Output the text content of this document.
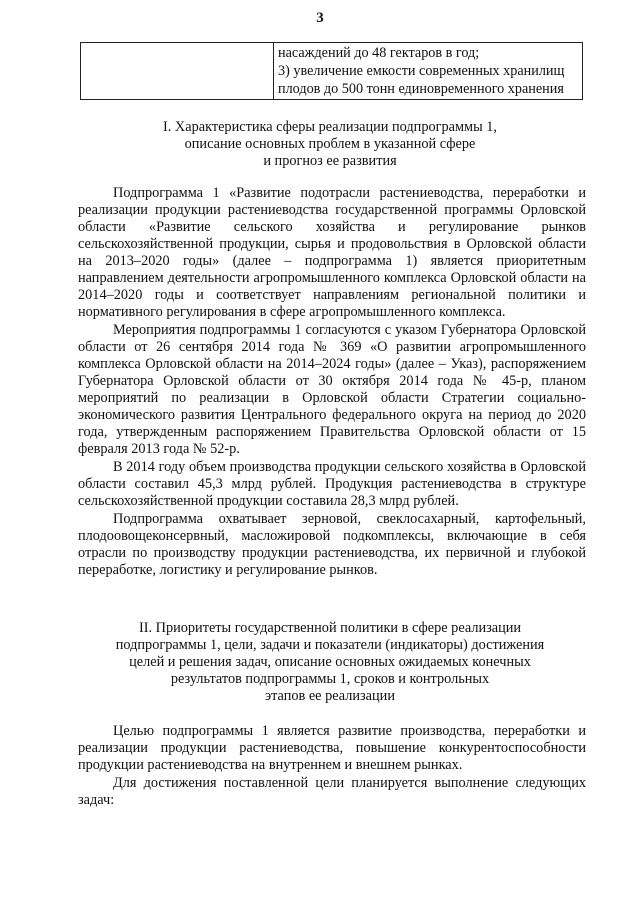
3

насаждений до 48 гектаров в год;
3) увеличение емкости современных хранилищ
плодов до 500 тонн единовременного хранения
I. Характеристика сферы реализации подпрограммы 1,
описание основных проблем в указанной сфере
и прогноз ее развития

Подпрограмма 1 «Развитие подотрасли растениеводства, переработки и реализации продукции растениеводства государственной программы Орловской области «Развитие сельского хозяйства и регулирование рынков сельскохозяйственной продукции, сырья и продовольствия в Орловской области на 2013–2020 годы» (далее – подпрограмма 1) является приоритетным направлением деятельности агропромышленного комплекса Орловской области на 2014–2020 годы и соответствует направлениям региональной политики и нормативного регулирования в сфере агропромышленного комплекса.

Мероприятия подпрограммы 1 согласуются с указом Губернатора Орловской области от 26 сентября 2014 года № 369 «О развитии агропромышленного комплекса Орловской области на 2014–2024 годы» (далее – Указ), распоряжением Губернатора Орловской области от 30 октября 2014 года № 45-р, планом мероприятий по реализации в Орловской области Стратегии социально-экономического развития Центрального федерального округа на период до 2020 года, утвержденным распоряжением Правительства Орловской области от 15 февраля 2013 года № 52-р.

В 2014 году объем производства продукции сельского хозяйства в Орловской области составил 45,3 млрд рублей. Продукция растениеводства в структуре сельскохозяйственной продукции составила 28,3 млрд рублей.

Подпрограмма охватывает зерновой, свеклосахарный, картофельный, плодоовощеконсервный, масложировой подкомплексы, включающие в себя отрасли по производству продукции растениеводства, их первичной и глубокой переработке, логистику и регулирование рынков.

II. Приоритеты государственной политики в сфере реализации
подпрограммы 1, цели, задачи и показатели (индикаторы) достижения
целей и решения задач, описание основных ожидаемых конечных
результатов подпрограммы 1, сроков и контрольных
этапов ее реализации

Целью подпрограммы 1 является развитие производства, переработки и реализации продукции растениеводства, повышение конкурентоспособности продукции растениеводства на внутреннем и внешнем рынках.

Для достижения поставленной цели планируется выполнение следующих задач:
